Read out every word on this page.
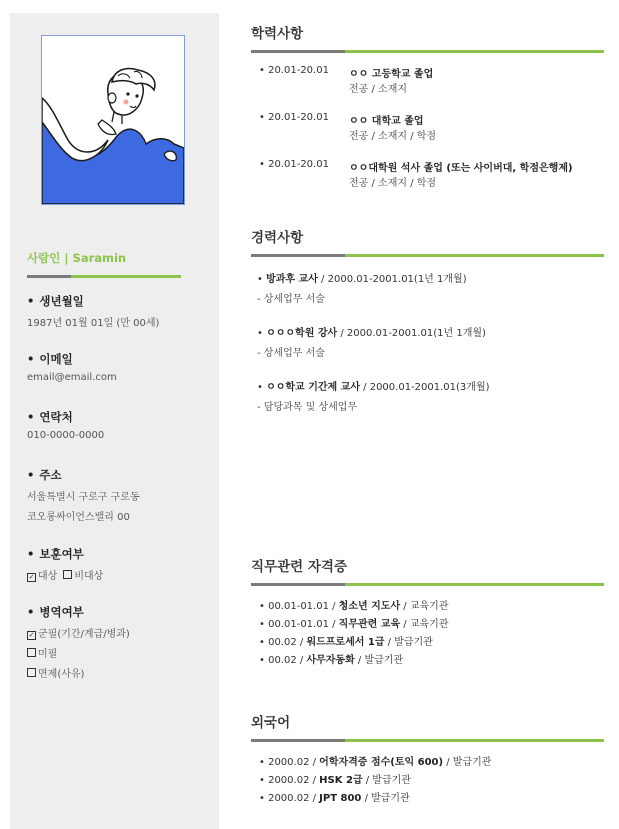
사람인 | Saramin
• 생년월일
1987년 01월 01일 (만 00세)
• 이메일
email@email.com
• 연락처
010-0000-0000
• 주소
서울특별시 구로구 구로동
코오롱싸이언스밸리 00
• 보훈여부
✓ 대상 비대상
• 병역여부
✓ 군필(기간/계급/병과)
미필
면제(사유)
학력사항
• 20.01-20.01 ㅇㅇ 고등학교 졸업
전공 / 소재지
• 20.01-20.01 ㅇㅇ 대학교 졸업
전공 / 소재지 / 학점
• 20.01-20.01 ㅇㅇ대학원 석사 졸업 (또는 사이버대, 학점은행제)
전공 / 소재지 / 학점
경력사항
• 방과후 교사 / 2000.01-2001.01(1년 1개월)
- 상세업무 서술
• ㅇㅇㅇ학원 강사 / 2000.01-2001.01(1년 1개월)
- 상세업무 서술
• ㅇㅇ학교 기간제 교사 / 2000.01-2001.01(3개월)
- 담당과목 및 상세업무
직무관련 자격증
• 00.01-01.01 / 청소년 지도사 / 교육기관
• 00.01-01.01 / 직무관련 교육 / 교육기관
• 00.02 / 워드프로세서 1급 / 발급기관
• 00.02 / 사무자동화 / 발급기관
외국어
• 2000.02 / 어학자격증 점수(토익 600) / 발급기관
• 2000.02 / HSK 2급 / 발급기관
• 2000.02 / JPT 800 / 발급기관
